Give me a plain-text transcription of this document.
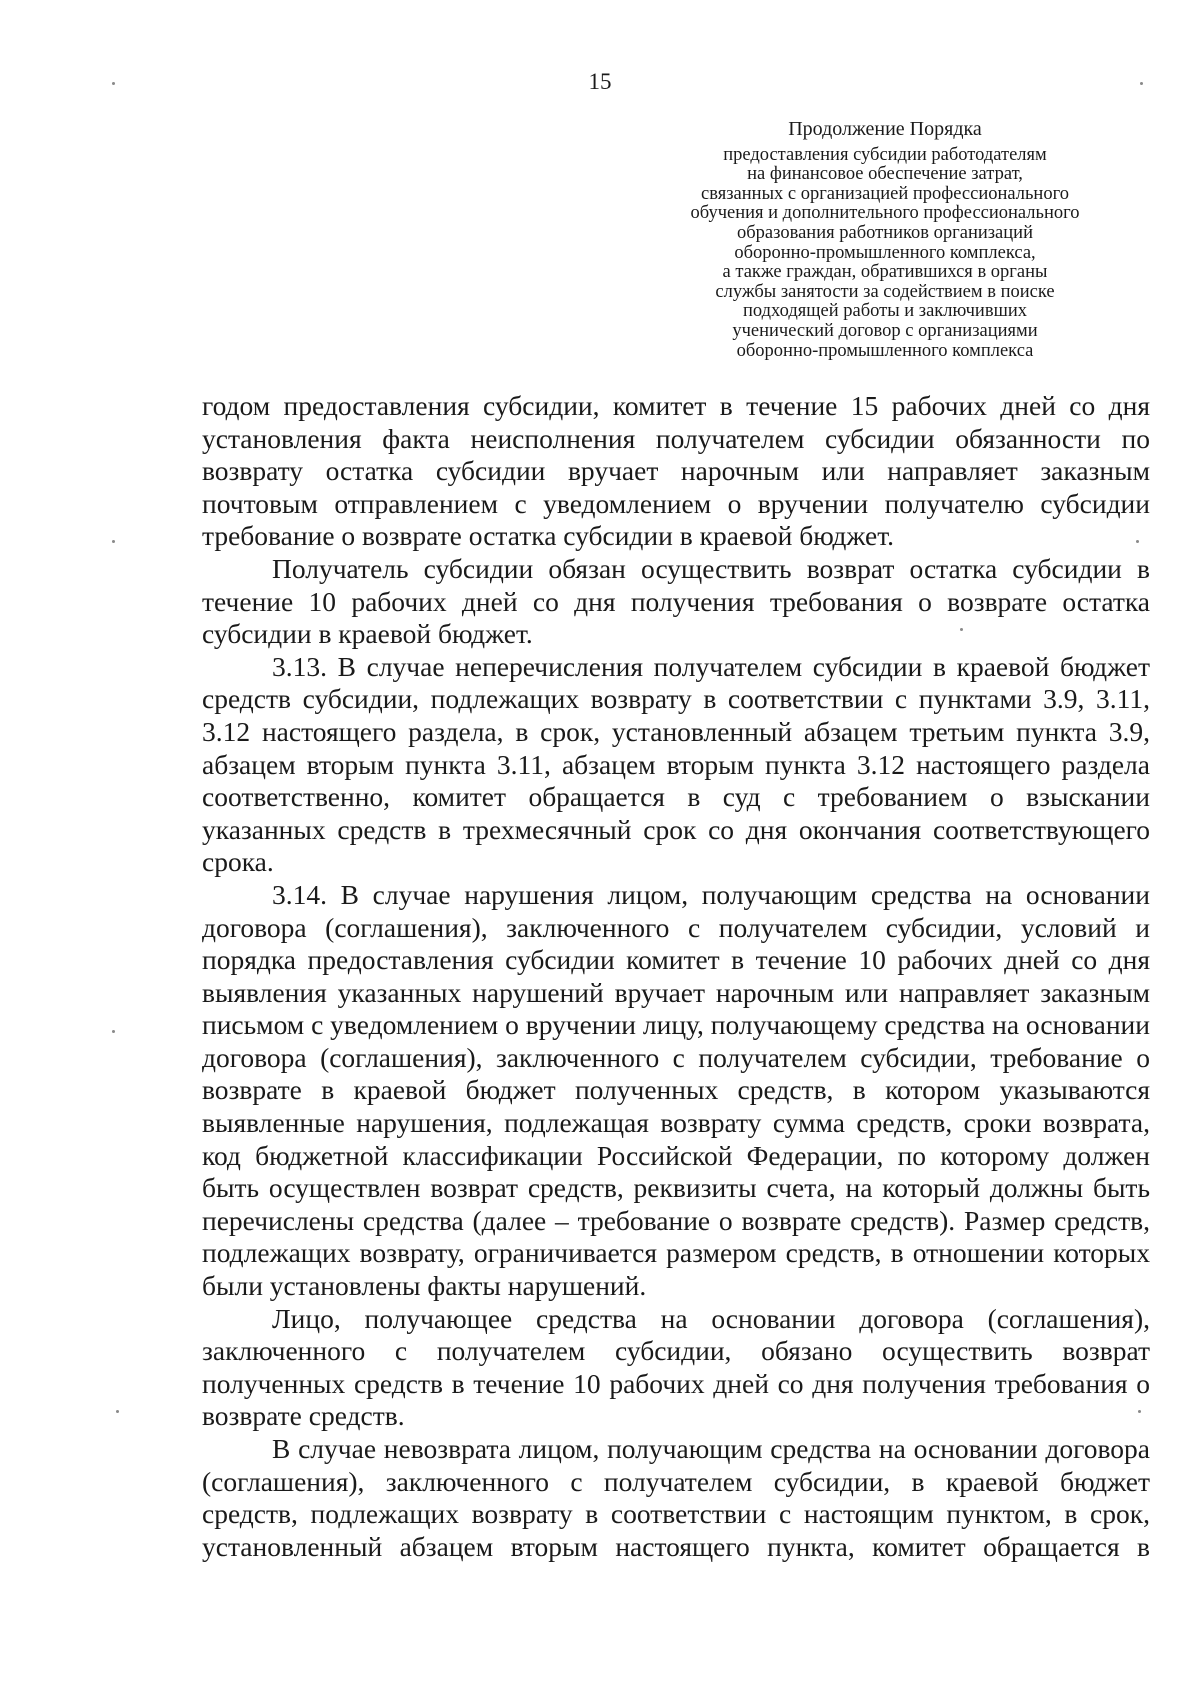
15
Продолжение Порядка
предоставления субсидии работодателям
на финансовое обеспечение затрат,
связанных с организацией профессионального
обучения и дополнительного профессионального
образования работников организаций
оборонно-промышленного комплекса,
а также граждан, обратившихся в органы
службы занятости за содействием в поиске
подходящей работы и заключивших
ученический договор с организациями
оборонно-промышленного комплекса

годом предоставления субсидии, комитет в течение 15 рабочих дней со дня установления факта неисполнения получателем субсидии обязанности по возврату остатка субсидии вручает нарочным или направляет заказным почтовым отправлением с уведомлением о вручении получателю субсидии требование о возврате остатка субсидии в краевой бюджет.

Получатель субсидии обязан осуществить возврат остатка субсидии в течение 10 рабочих дней со дня получения требования о возврате остатка субсидии в краевой бюджет.

3.13. В случае неперечисления получателем субсидии в краевой бюджет средств субсидии, подлежащих возврату в соответствии с пунктами 3.9, 3.11, 3.12 настоящего раздела, в срок, установленный абзацем третьим пункта 3.9, абзацем вторым пункта 3.11, абзацем вторым пункта 3.12 настоящего раздела соответственно, комитет обращается в суд с требованием о взыскании указанных средств в трехмесячный срок со дня окончания соответствующего срока.

3.14. В случае нарушения лицом, получающим средства на основании договора (соглашения), заключенного с получателем субсидии, условий и порядка предоставления субсидии комитет в течение 10 рабочих дней со дня выявления указанных нарушений вручает нарочным или направляет заказным письмом с уведомлением о вручении лицу, получающему средства на основании договора (соглашения), заключенного с получателем субсидии, требование о возврате в краевой бюджет полученных средств, в котором указываются выявленные нарушения, подлежащая возврату сумма средств, сроки возврата, код бюджетной классификации Российской Федерации, по которому должен быть осуществлен возврат средств, реквизиты счета, на который должны быть перечислены средства (далее – требование о возврате средств). Размер средств, подлежащих возврату, ограничивается размером средств, в отношении которых были установлены факты нарушений.

Лицо, получающее средства на основании договора (соглашения), заключенного с получателем субсидии, обязано осуществить возврат полученных средств в течение 10 рабочих дней со дня получения требования о возврате средств.

В случае невозврата лицом, получающим средства на основании договора (соглашения), заключенного с получателем субсидии, в краевой бюджет средств, подлежащих возврату в соответствии с настоящим пунктом, в срок, установленный абзацем вторым настоящего пункта, комитет обращается в
